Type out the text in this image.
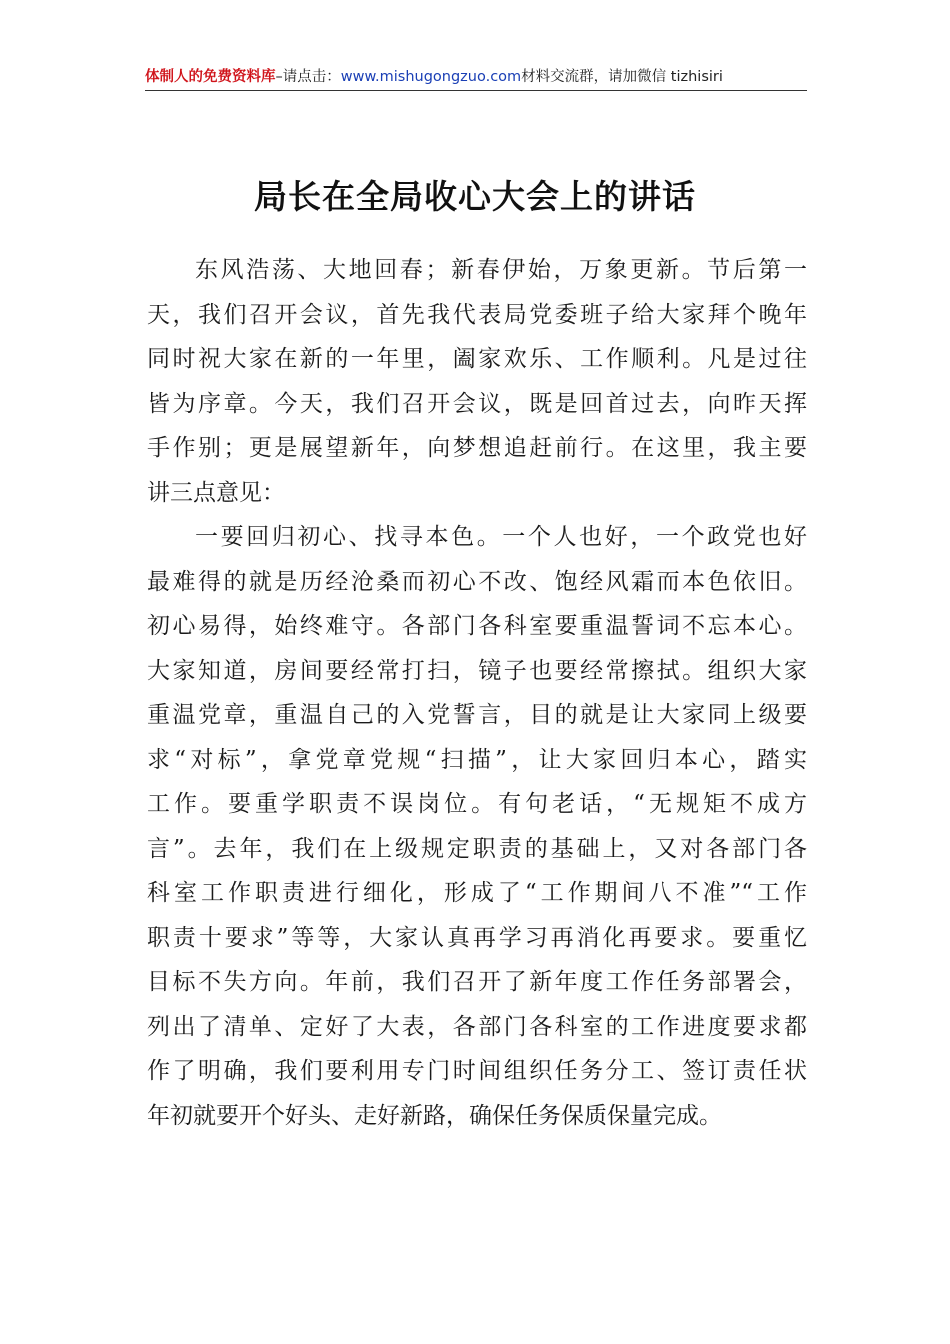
体制人的免费资料库–请点击：www.mishugongzuo.com材料交流群，请加微信 tizhisiri
局长在全局收心大会上的讲话
东风浩荡、大地回春；新春伊始，万象更新。节后第一
天，我们召开会议，首先我代表局党委班子给大家拜个晚年
同时祝大家在新的一年里，阖家欢乐、工作顺利。凡是过往
皆为序章。今天，我们召开会议，既是回首过去，向昨天挥
手作别；更是展望新年，向梦想追赶前行。在这里，我主要
讲三点意见：
一要回归初心、找寻本色。一个人也好，一个政党也好
最难得的就是历经沧桑而初心不改、饱经风霜而本色依旧。
初心易得，始终难守。各部门各科室要重温誓词不忘本心。
大家知道，房间要经常打扫，镜子也要经常擦拭。组织大家
重温党章，重温自己的入党誓言，目的就是让大家同上级要
求“对标”，拿党章党规“扫描”，让大家回归本心，踏实
工作。要重学职责不误岗位。有句老话，“无规矩不成方
言”。去年，我们在上级规定职责的基础上，又对各部门各
科室工作职责进行细化，形成了“工作期间八不准”“工作
职责十要求”等等，大家认真再学习再消化再要求。要重忆
目标不失方向。年前，我们召开了新年度工作任务部署会，
列出了清单、定好了大表，各部门各科室的工作进度要求都
作了明确，我们要利用专门时间组织任务分工、签订责任状
年初就要开个好头、走好新路，确保任务保质保量完成。
